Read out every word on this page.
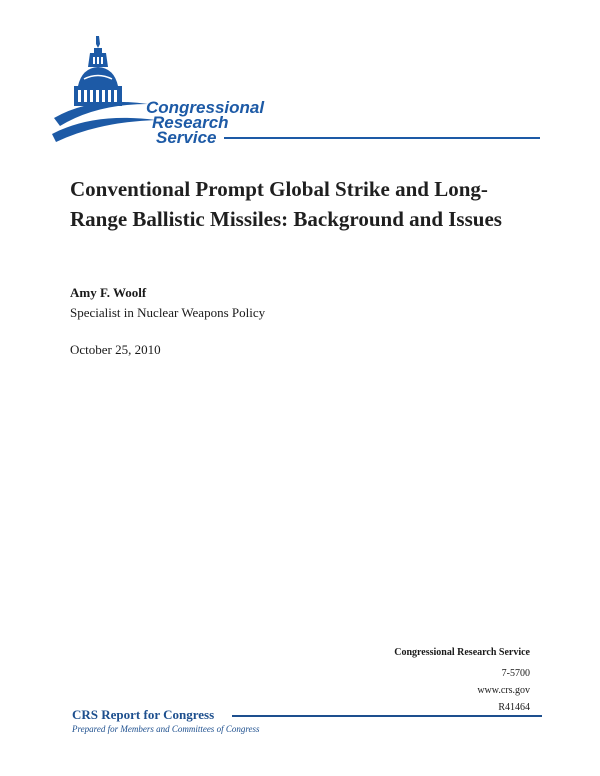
Congressional
Research
Service
Conventional Prompt Global Strike and Long-Range Ballistic Missiles: Background and Issues
Amy F. Woolf
Specialist in Nuclear Weapons Policy
October 25, 2010
Congressional Research Service
7-5700
www.crs.gov
R41464
CRS Report for Congress
Prepared for Members and Committees of Congress
